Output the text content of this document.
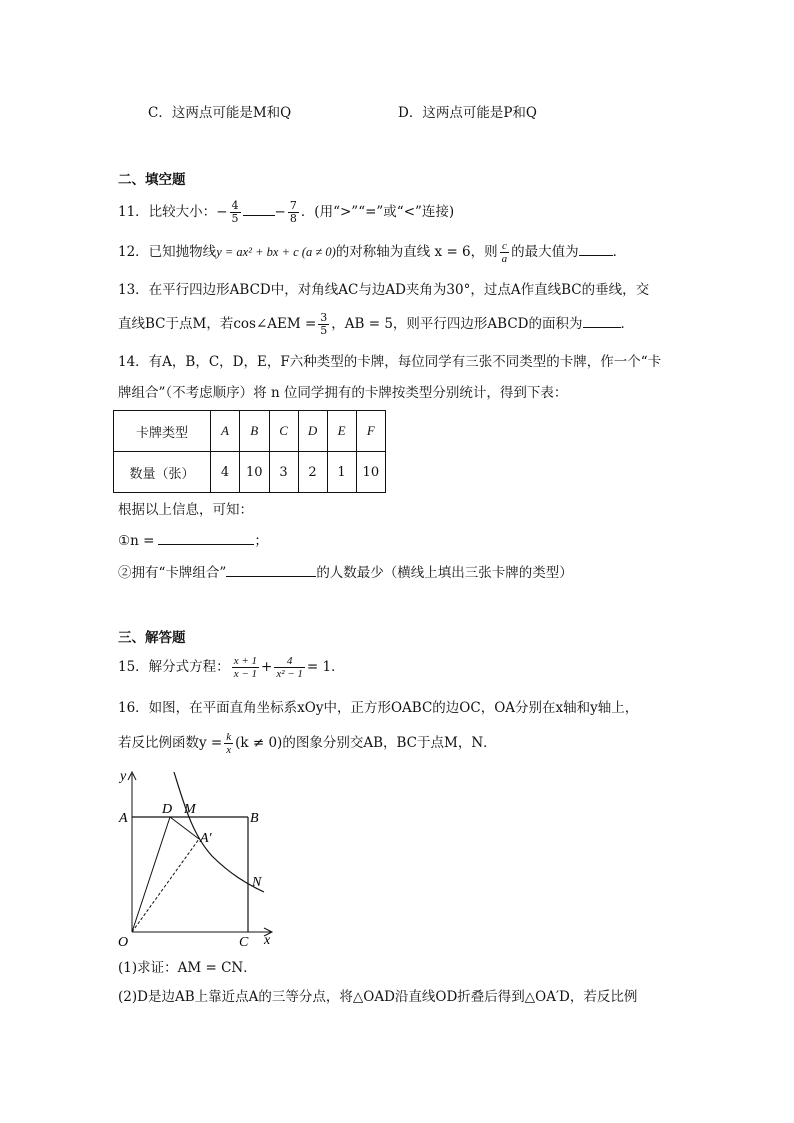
C．这两点可能是M和Q	D．这两点可能是P和Q
二、填空题
11．比较大小：− $\frac{4}{5}$	− $\frac{7}{8}$ ．(用“>”“=”或“<”连接)
12．已知抛物线y = ax² + bx + c (a ≠ 0)的对称轴为直线 x = 6，则 $\frac{c}{a}$ 的最大值为	．
13．在平行四边形ABCD中，对角线AC与边AD夹角为30°，过点A作直线BC的垂线，交
直线BC于点M，若cos∠AEM = $\frac{3}{5}$ ，AB = 5，则平行四边形ABCD的面积为	．
14．有A，B，C，D，E，F六种类型的卡牌，每位同学有三张不同类型的卡牌，作一个“卡
牌组合”（不考虑顺序）将 n 位同学拥有的卡牌按类型分别统计，得到下表：
卡牌类型	A	B	C	D	E	F
数量（张）	4	10	3	2	1	10
根据以上信息，可知：
①n =	；
②拥有“卡牌组合”	的人数最少（横线上填出三张卡牌的类型）
三、解答题
15．解分式方程： $\frac{x + 1}{x - 1} + \frac{4}{\text{x² − 1}} = 1$．
16．如图，在平面直角坐标系xOy中，正方形OABC的边OC，OA分别在x轴和y轴上，
若反比例函数$y = \frac{k}{x} (k \ne 0)$的图象分别交AB，BC于点M，N．
y
x
O
A	B
C
D M
A′
N
(1)求证：AM = CN．
(2)D是边AB上靠近点A的三等分点，将△OAD沿直线OD折叠后得到△OA′D，若反比例
